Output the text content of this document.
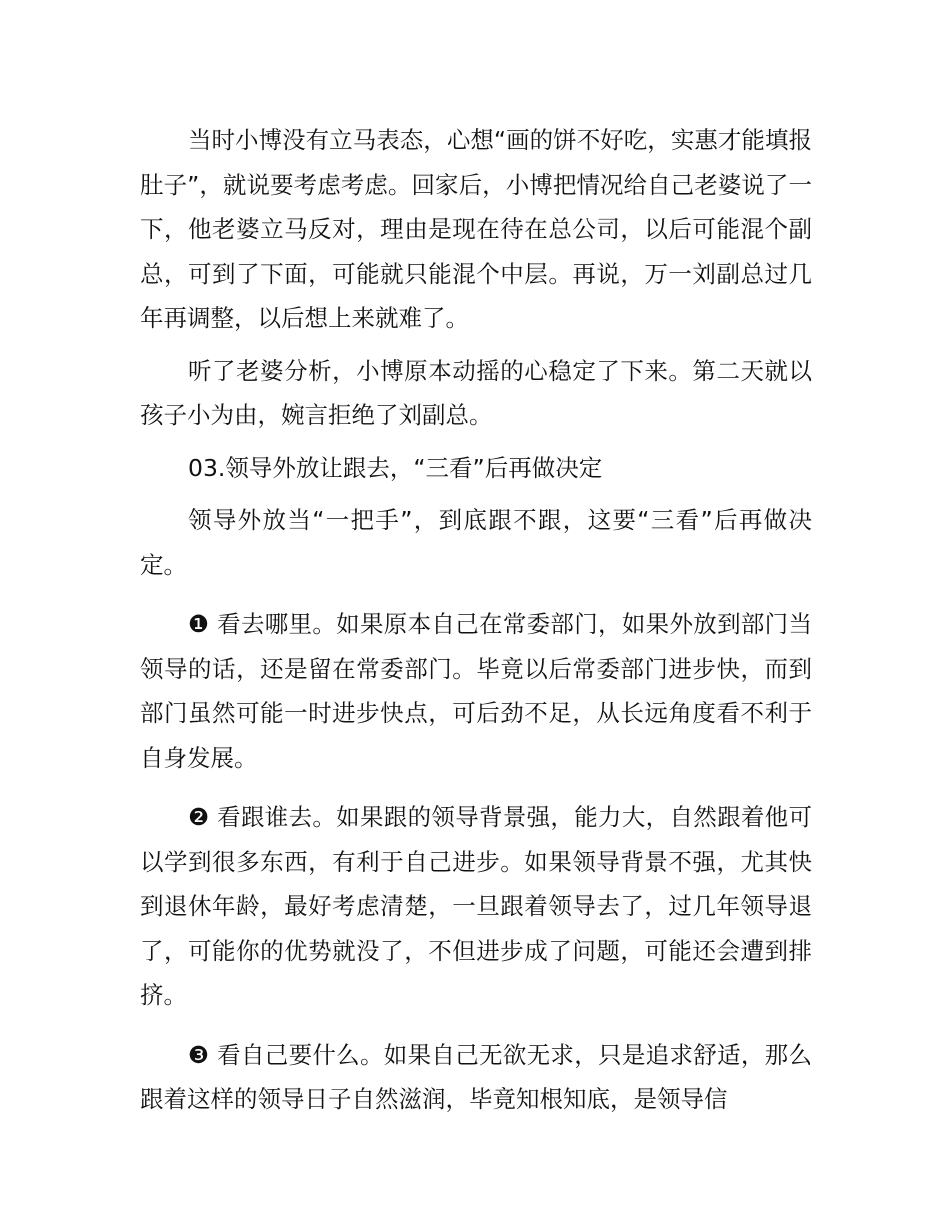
当时小博没有立马表态，心想“画的饼不好吃，实惠才能填报肚子”，就说要考虑考虑。回家后，小博把情况给自己老婆说了一下，他老婆立马反对，理由是现在待在总公司，以后可能混个副总，可到了下面，可能就只能混个中层。再说，万一刘副总过几年再调整，以后想上来就难了。

听了老婆分析，小博原本动摇的心稳定了下来。第二天就以孩子小为由，婉言拒绝了刘副总。

03.领导外放让跟去，“三看”后再做决定

领导外放当“一把手”，到底跟不跟，这要“三看”后再做决定。

❶ 看去哪里。如果原本自己在常委部门，如果外放到部门当领导的话，还是留在常委部门。毕竟以后常委部门进步快，而到部门虽然可能一时进步快点，可后劲不足，从长远角度看不利于自身发展。

❷ 看跟谁去。如果跟的领导背景强，能力大，自然跟着他可以学到很多东西，有利于自己进步。如果领导背景不强，尤其快到退休年龄，最好考虑清楚，一旦跟着领导去了，过几年领导退了，可能你的优势就没了，不但进步成了问题，可能还会遭到排挤。

❸ 看自己要什么。如果自己无欲无求，只是追求舒适，那么跟着这样的领导日子自然滋润，毕竟知根知底，是领导信
